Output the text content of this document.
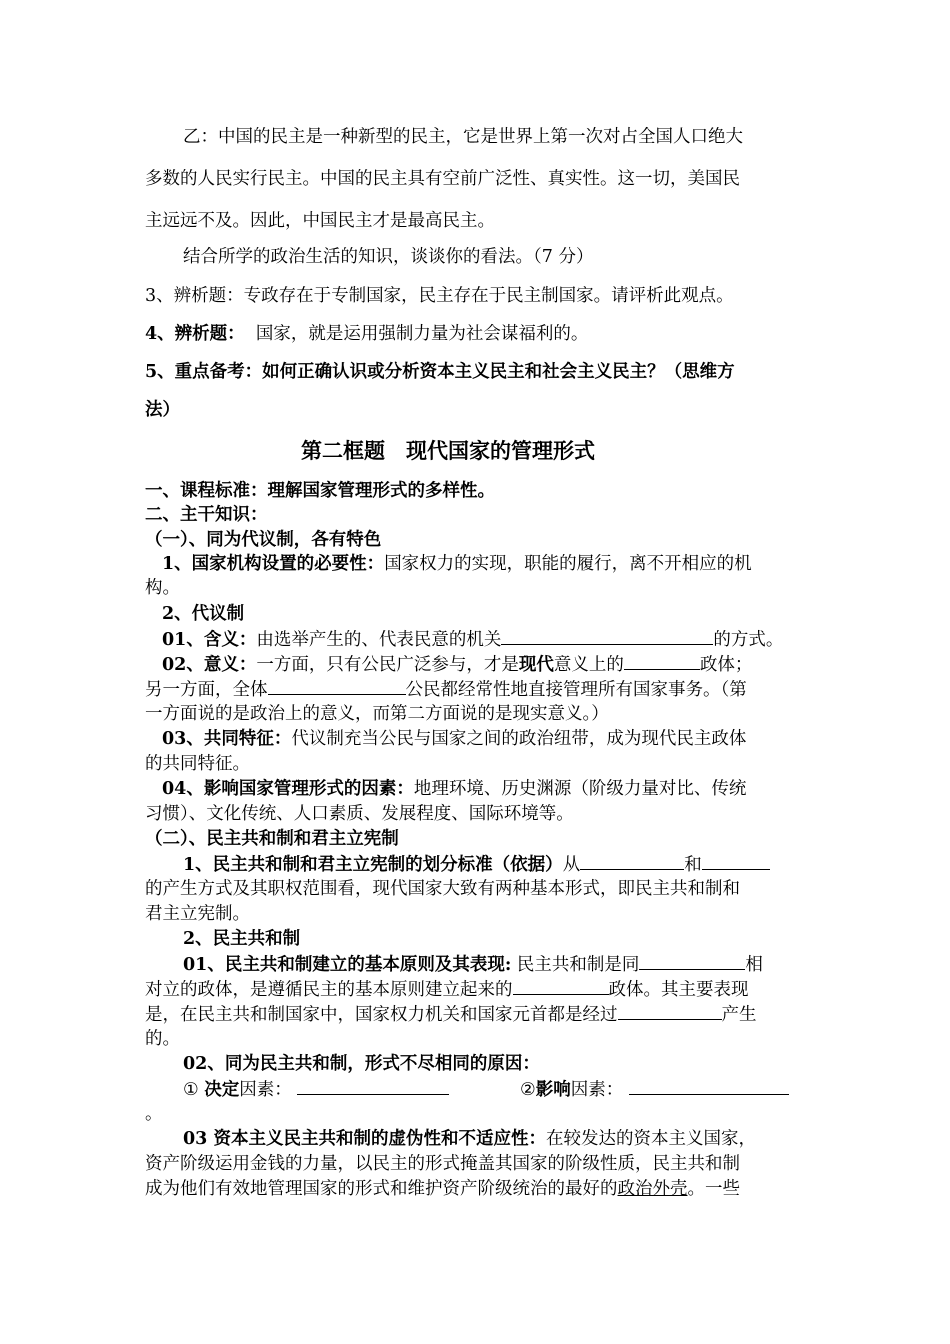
乙：中国的民主是一种新型的民主，它是世界上第一次对占全国人口绝大
多数的人民实行民主。中国的民主具有空前广泛性、真实性。这一切，美国民
主远远不及。因此，中国民主才是最高民主。
结合所学的政治生活的知识，谈谈你的看法。（7 分）
3、辨析题：专政存在于专制国家，民主存在于民主制国家。请评析此观点。
4、辨析题： 国家，就是运用强制力量为社会谋福利的。
5、重点备考：如何正确认识或分析资本主义民主和社会主义民主？（思维方
法）
第二框题　现代国家的管理形式
一、课程标准：理解国家管理形式的多样性。
二、主干知识：
（一）、同为代议制，各有特色
1、国家机构设置的必要性：国家权力的实现，职能的履行，离不开相应的机
构。
2、代议制
01、含义：由选举产生的、代表民意的机关	的方式。
02、意义：一方面，只有公民广泛参与，才是现代意义上的	政体；
另一方面，全体	公民都经常性地直接管理所有国家事务。（第
一方面说的是政治上的意义，而第二方面说的是现实意义。）
03、共同特征：代议制充当公民与国家之间的政治纽带，成为现代民主政体
的共同特征。
04、影响国家管理形式的因素：地理环境、历史渊源（阶级力量对比、传统
习惯）、文化传统、人口素质、发展程度、国际环境等。
（二）、民主共和制和君主立宪制
1、民主共和制和君主立宪制的划分标准（依据）从	和
的产生方式及其职权范围看，现代国家大致有两种基本形式，即民主共和制和
君主立宪制。
2、民主共和制
01、民主共和制建立的基本原则及其表现: 民主共和制是同	相
对立的政体，是遵循民主的基本原则建立起来的	政体。其主要表现
是，在民主共和制国家中，国家权力机关和国家元首都是经过	产生
的。
02、同为民主共和制，形式不尽相同的原因：
① 决定因素：	②影响因素：
。
03 资本主义民主共和制的虚伪性和不适应性：在较发达的资本主义国家，
资产阶级运用金钱的力量，以民主的形式掩盖其国家的阶级性质，民主共和制
成为他们有效地管理国家的形式和维护资产阶级统治的最好的政治外壳。一些
